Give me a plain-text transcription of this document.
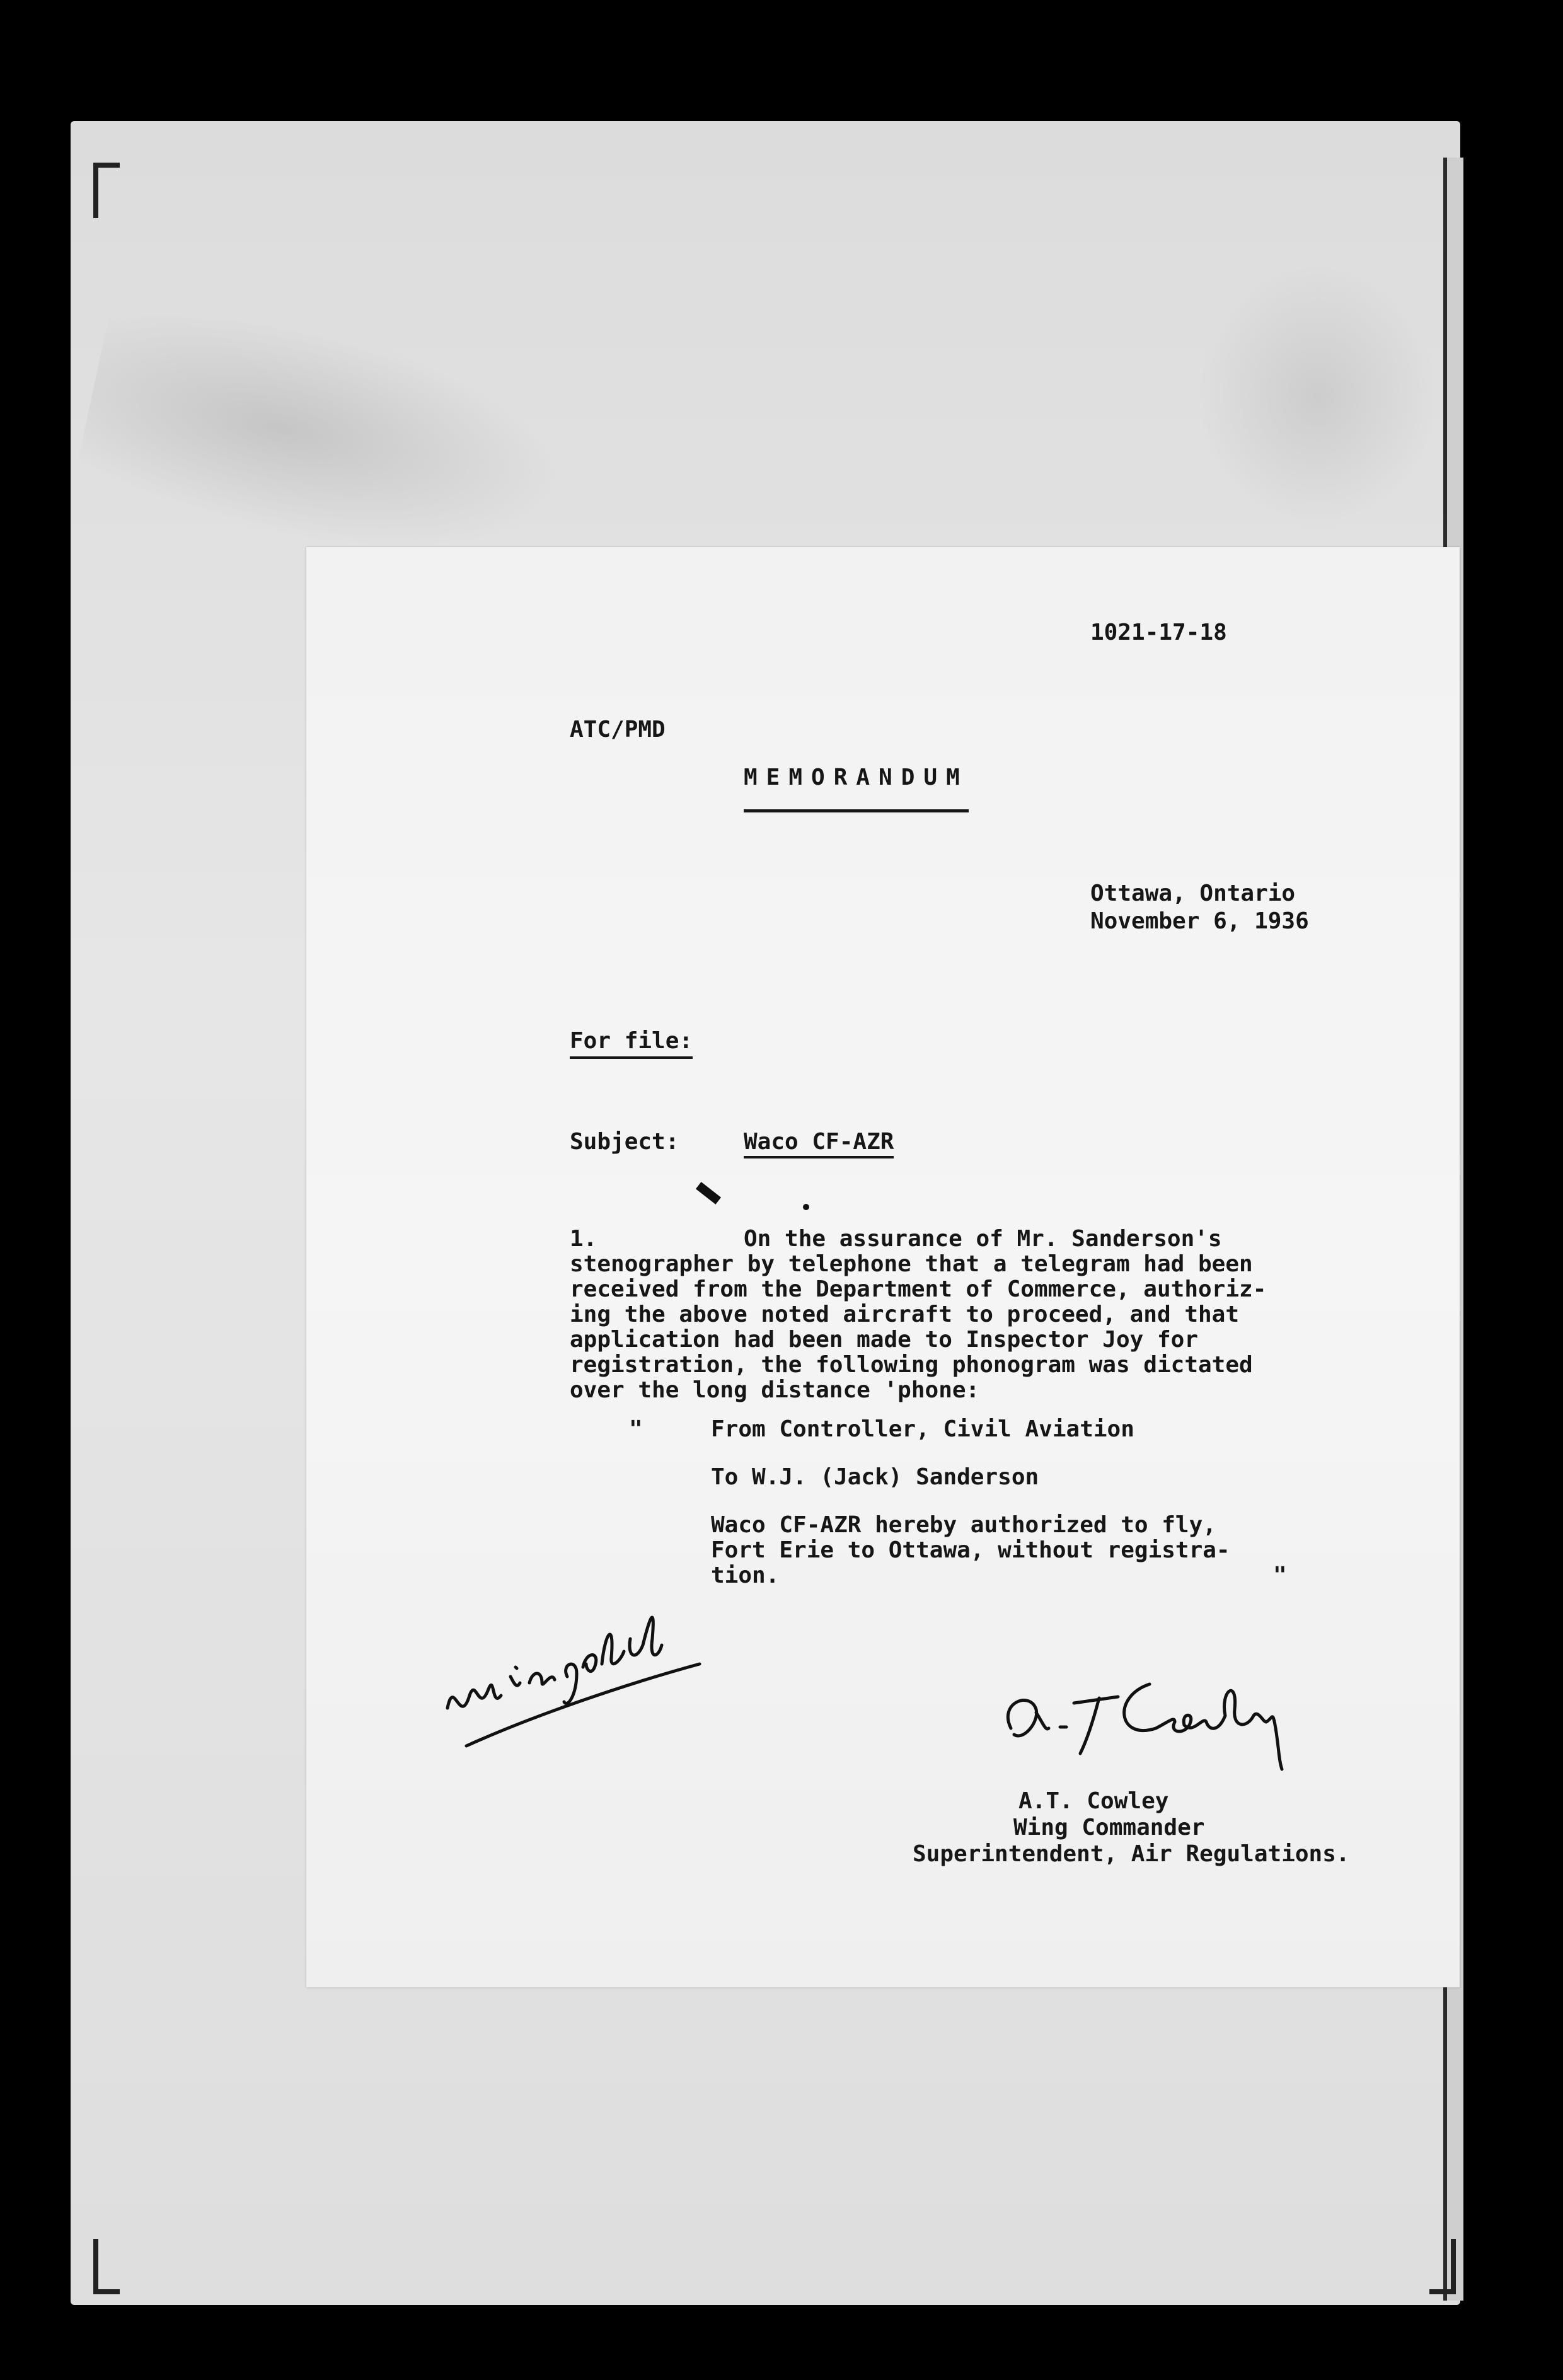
1021-17-18
ATC/PMD
MEMORANDUM
Ottawa, Ontario
November 6, 1936
For file:
Subject:	Waco CF-AZR
1.	On the assurance of Mr. Sanderson's
stenographer by telephone that a telegram had been
received from the Department of Commerce, authoriz-
ing the above noted aircraft to proceed, and that
application had been made to Inspector Joy for
registration, the following phonogram was dictated
over the long distance 'phone:
"	From Controller, Civil Aviation
To W.J. (Jack) Sanderson
Waco CF-AZR hereby authorized to fly,
Fort Erie to Ottawa, without registra-
tion.	"
A.T. Cowley
Wing Commander
Superintendent, Air Regulations.
